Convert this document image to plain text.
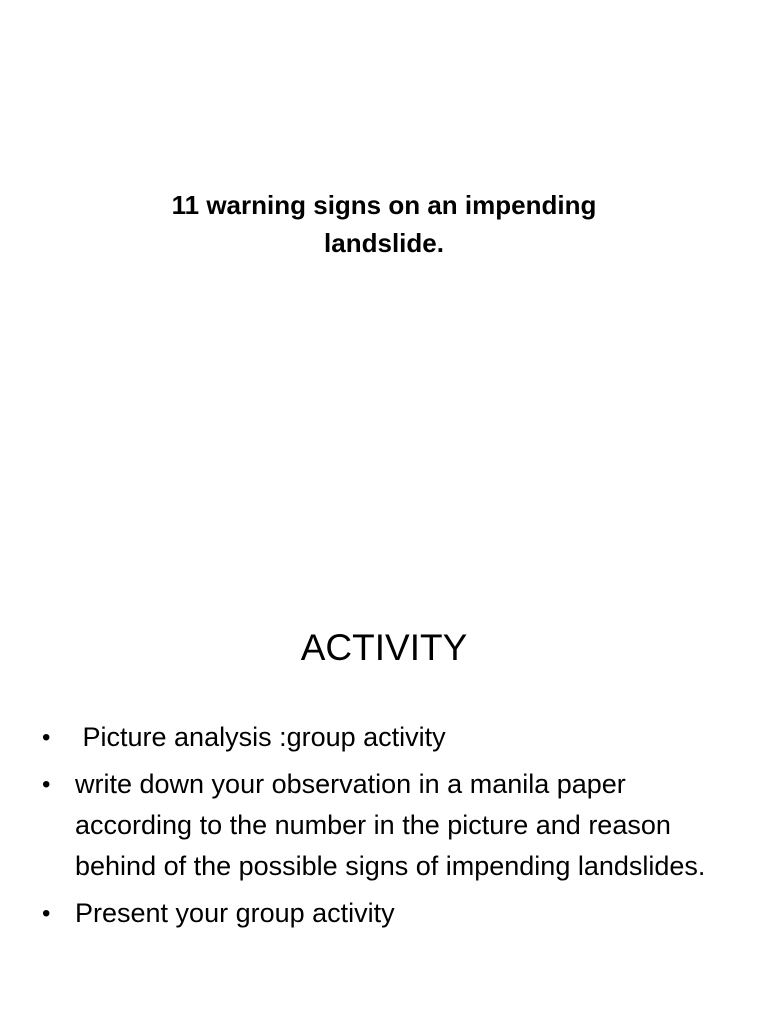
11 warning signs on an impending landslide.
ACTIVITY
• Picture analysis :group activity
• write down your observation in a manila paper according to the number in the picture and reason behind of the possible signs of impending landslides.
• Present your group activity
